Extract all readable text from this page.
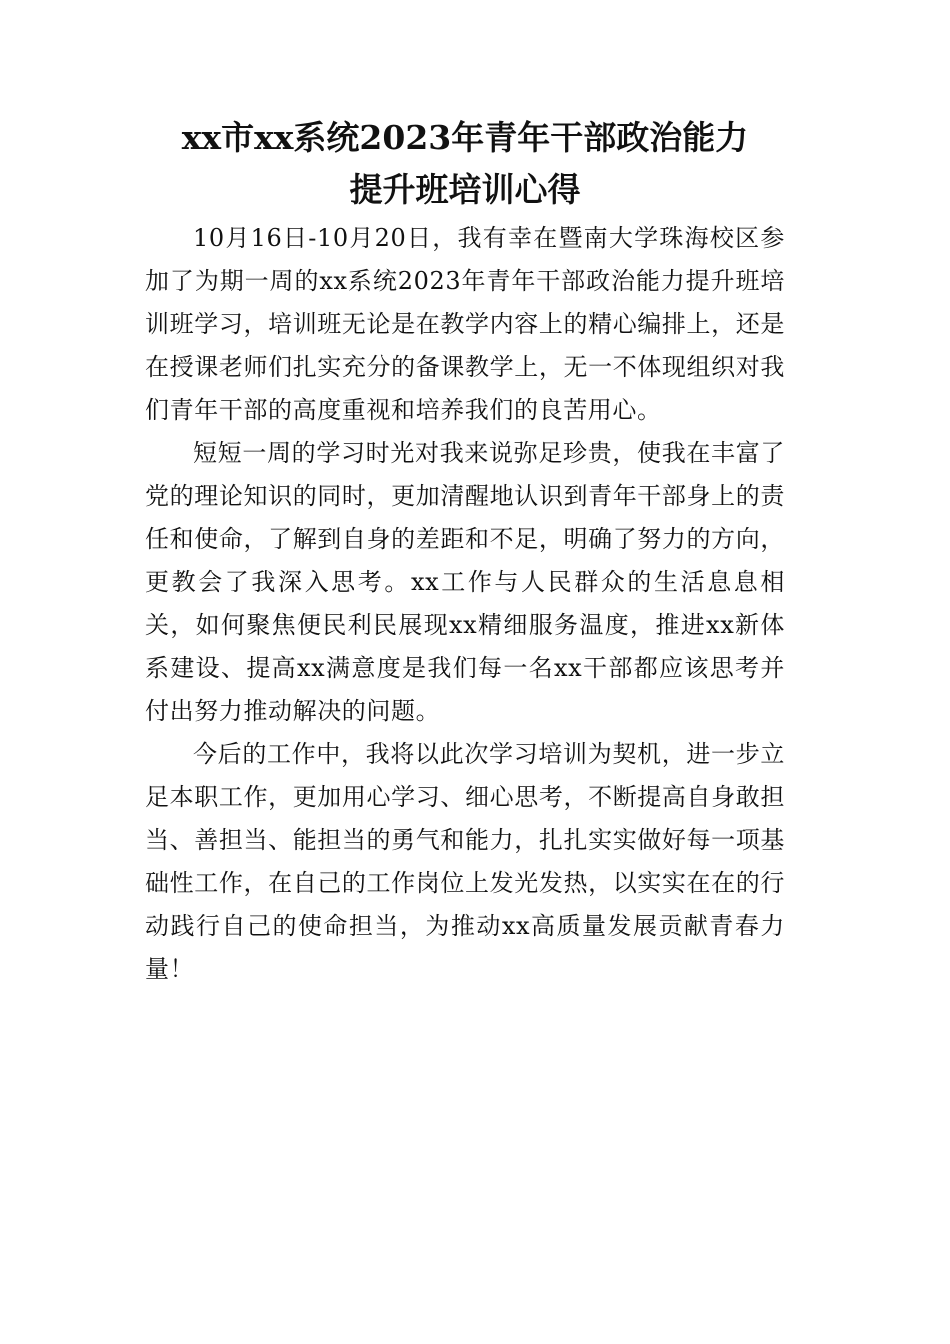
xx市xx系统2023年青年干部政治能力
提升班培训心得

10月16日-10月20日，我有幸在暨南大学珠海校区参加了为期一周的xx系统2023年青年干部政治能力提升班培训班学习，培训班无论是在教学内容上的精心编排上，还是在授课老师们扎实充分的备课教学上，无一不体现组织对我们青年干部的高度重视和培养我们的良苦用心。

短短一周的学习时光对我来说弥足珍贵，使我在丰富了党的理论知识的同时，更加清醒地认识到青年干部身上的责任和使命，了解到自身的差距和不足，明确了努力的方向，更教会了我深入思考。xx工作与人民群众的生活息息相关，如何聚焦便民利民展现xx精细服务温度，推进xx新体系建设、提高xx满意度是我们每一名xx干部都应该思考并付出努力推动解决的问题。

今后的工作中，我将以此次学习培训为契机，进一步立足本职工作，更加用心学习、细心思考，不断提高自身敢担当、善担当、能担当的勇气和能力，扎扎实实做好每一项基础性工作，在自己的工作岗位上发光发热，以实实在在的行动践行自己的使命担当，为推动xx高质量发展贡献青春力量！
